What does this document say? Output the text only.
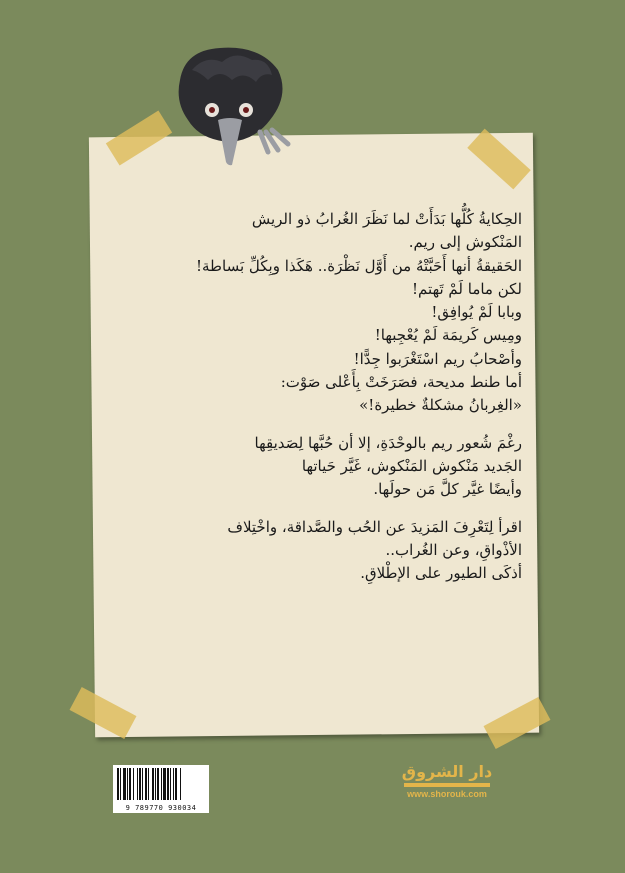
الحِكايةُ كُلُّها بَدَأَتْ لما نَظَرَ الغُرابُ ذو الريش
المَنْكوش إلى ريم.
الحَقيقةُ أنها أَحَبَّتْهُ من أَوَّل نَظْرَة.. هَكَذا وبِكُلِّ بَساطة!
لكن ماما لَمْ تَهتم!
وبابا لَمْ يُوافِق!
ومِيس كَريمَة لَمْ يُعْجِبها!
وأصْحابُ ريم اسْتَغْرَبوا جِدًّا!
أما طنط مديحة، فصَرَخَتْ بِأَعْلى صَوْت:
«الغِربانُ مشكلةٌ خطيرة!»
رغْمَ شُعور ريم بالوحْدَةِ، إلا أن حُبَّها لِصَديقِها
الجَديد مَنْكوش المَنْكوش، غَيَّر حَياتها
وأيضًا غيَّر كلَّ مَن حولَها.
اقرأ لِتَعْرِفَ المَزيدَ عن الحُب والصَّداقة، واخْتِلاف
الأذْواقِ، وعن الغُراب..
أذكَى الطيور على الإطْلاقِ.
9 789770 930034
دار الشروق
www.shorouk.com
